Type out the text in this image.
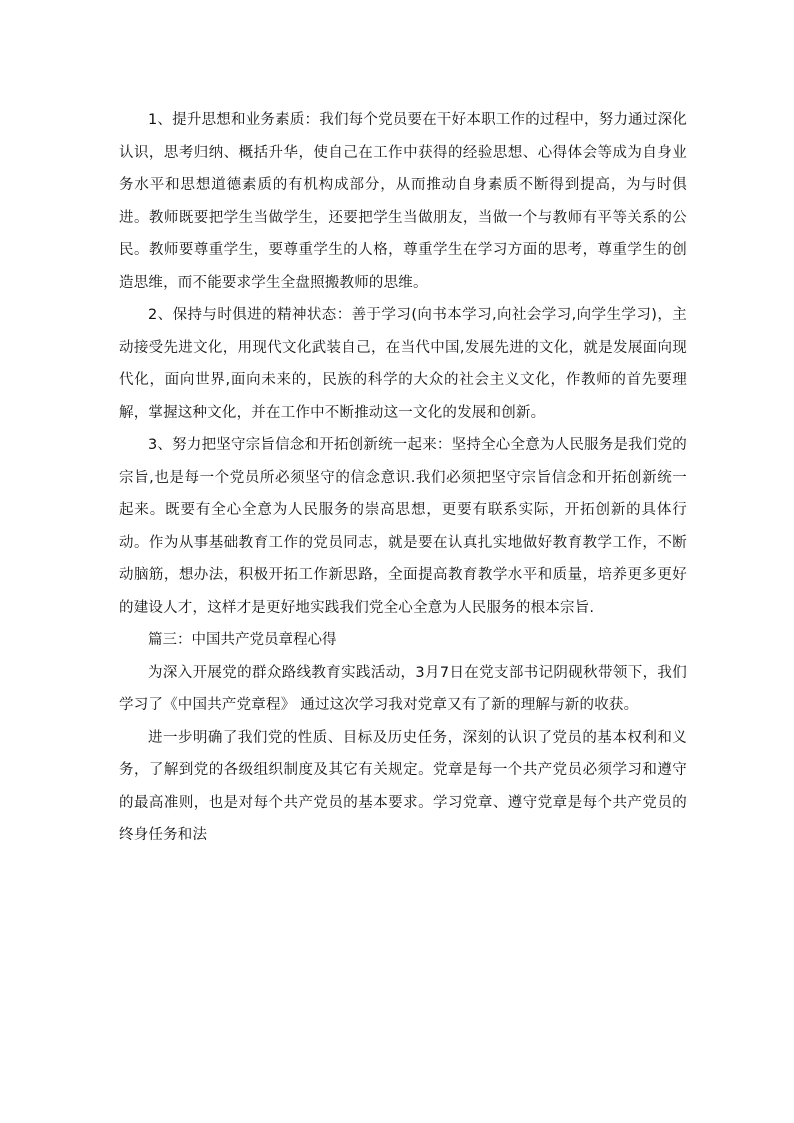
1、提升思想和业务素质：我们每个党员要在干好本职工作的过程中，努力通过深化认识，思考归纳、概括升华，使自己在工作中获得的经验思想、心得体会等成为自身业务水平和思想道德素质的有机构成部分，从而推动自身素质不断得到提高，为与时俱进。教师既要把学生当做学生，还要把学生当做朋友，当做一个与教师有平等关系的公民。教师要尊重学生，要尊重学生的人格，尊重学生在学习方面的思考，尊重学生的创造思维，而不能要求学生全盘照搬教师的思维。

2、保持与时俱进的精神状态：善于学习(向书本学习,向社会学习,向学生学习)，主动接受先进文化，用现代文化武装自己，在当代中国,发展先进的文化，就是发展面向现代化，面向世界,面向未来的，民族的科学的大众的社会主义文化，作教师的首先要理解，掌握这种文化，并在工作中不断推动这一文化的发展和创新。

3、努力把坚守宗旨信念和开拓创新统一起来：坚持全心全意为人民服务是我们党的宗旨,也是每一个党员所必须坚守的信念意识.我们必须把坚守宗旨信念和开拓创新统一起来。既要有全心全意为人民服务的崇高思想，更要有联系实际，开拓创新的具体行动。作为从事基础教育工作的党员同志，就是要在认真扎实地做好教育教学工作，不断动脑筋，想办法，积极开拓工作新思路，全面提高教育教学水平和质量，培养更多更好的建设人才，这样才是更好地实践我们党全心全意为人民服务的根本宗旨.

篇三：中国共产党员章程心得

为深入开展党的群众路线教育实践活动，3月7日在党支部书记阴砚秋带领下，我们学习了《中国共产党章程》 通过这次学习我对党章又有了新的理解与新的收获。

进一步明确了我们党的性质、目标及历史任务，深刻的认识了党员的基本权利和义务，了解到党的各级组织制度及其它有关规定。党章是每一个共产党员必须学习和遵守的最高准则，也是对每个共产党员的基本要求。学习党章、遵守党章是每个共产党员的终身任务和法
